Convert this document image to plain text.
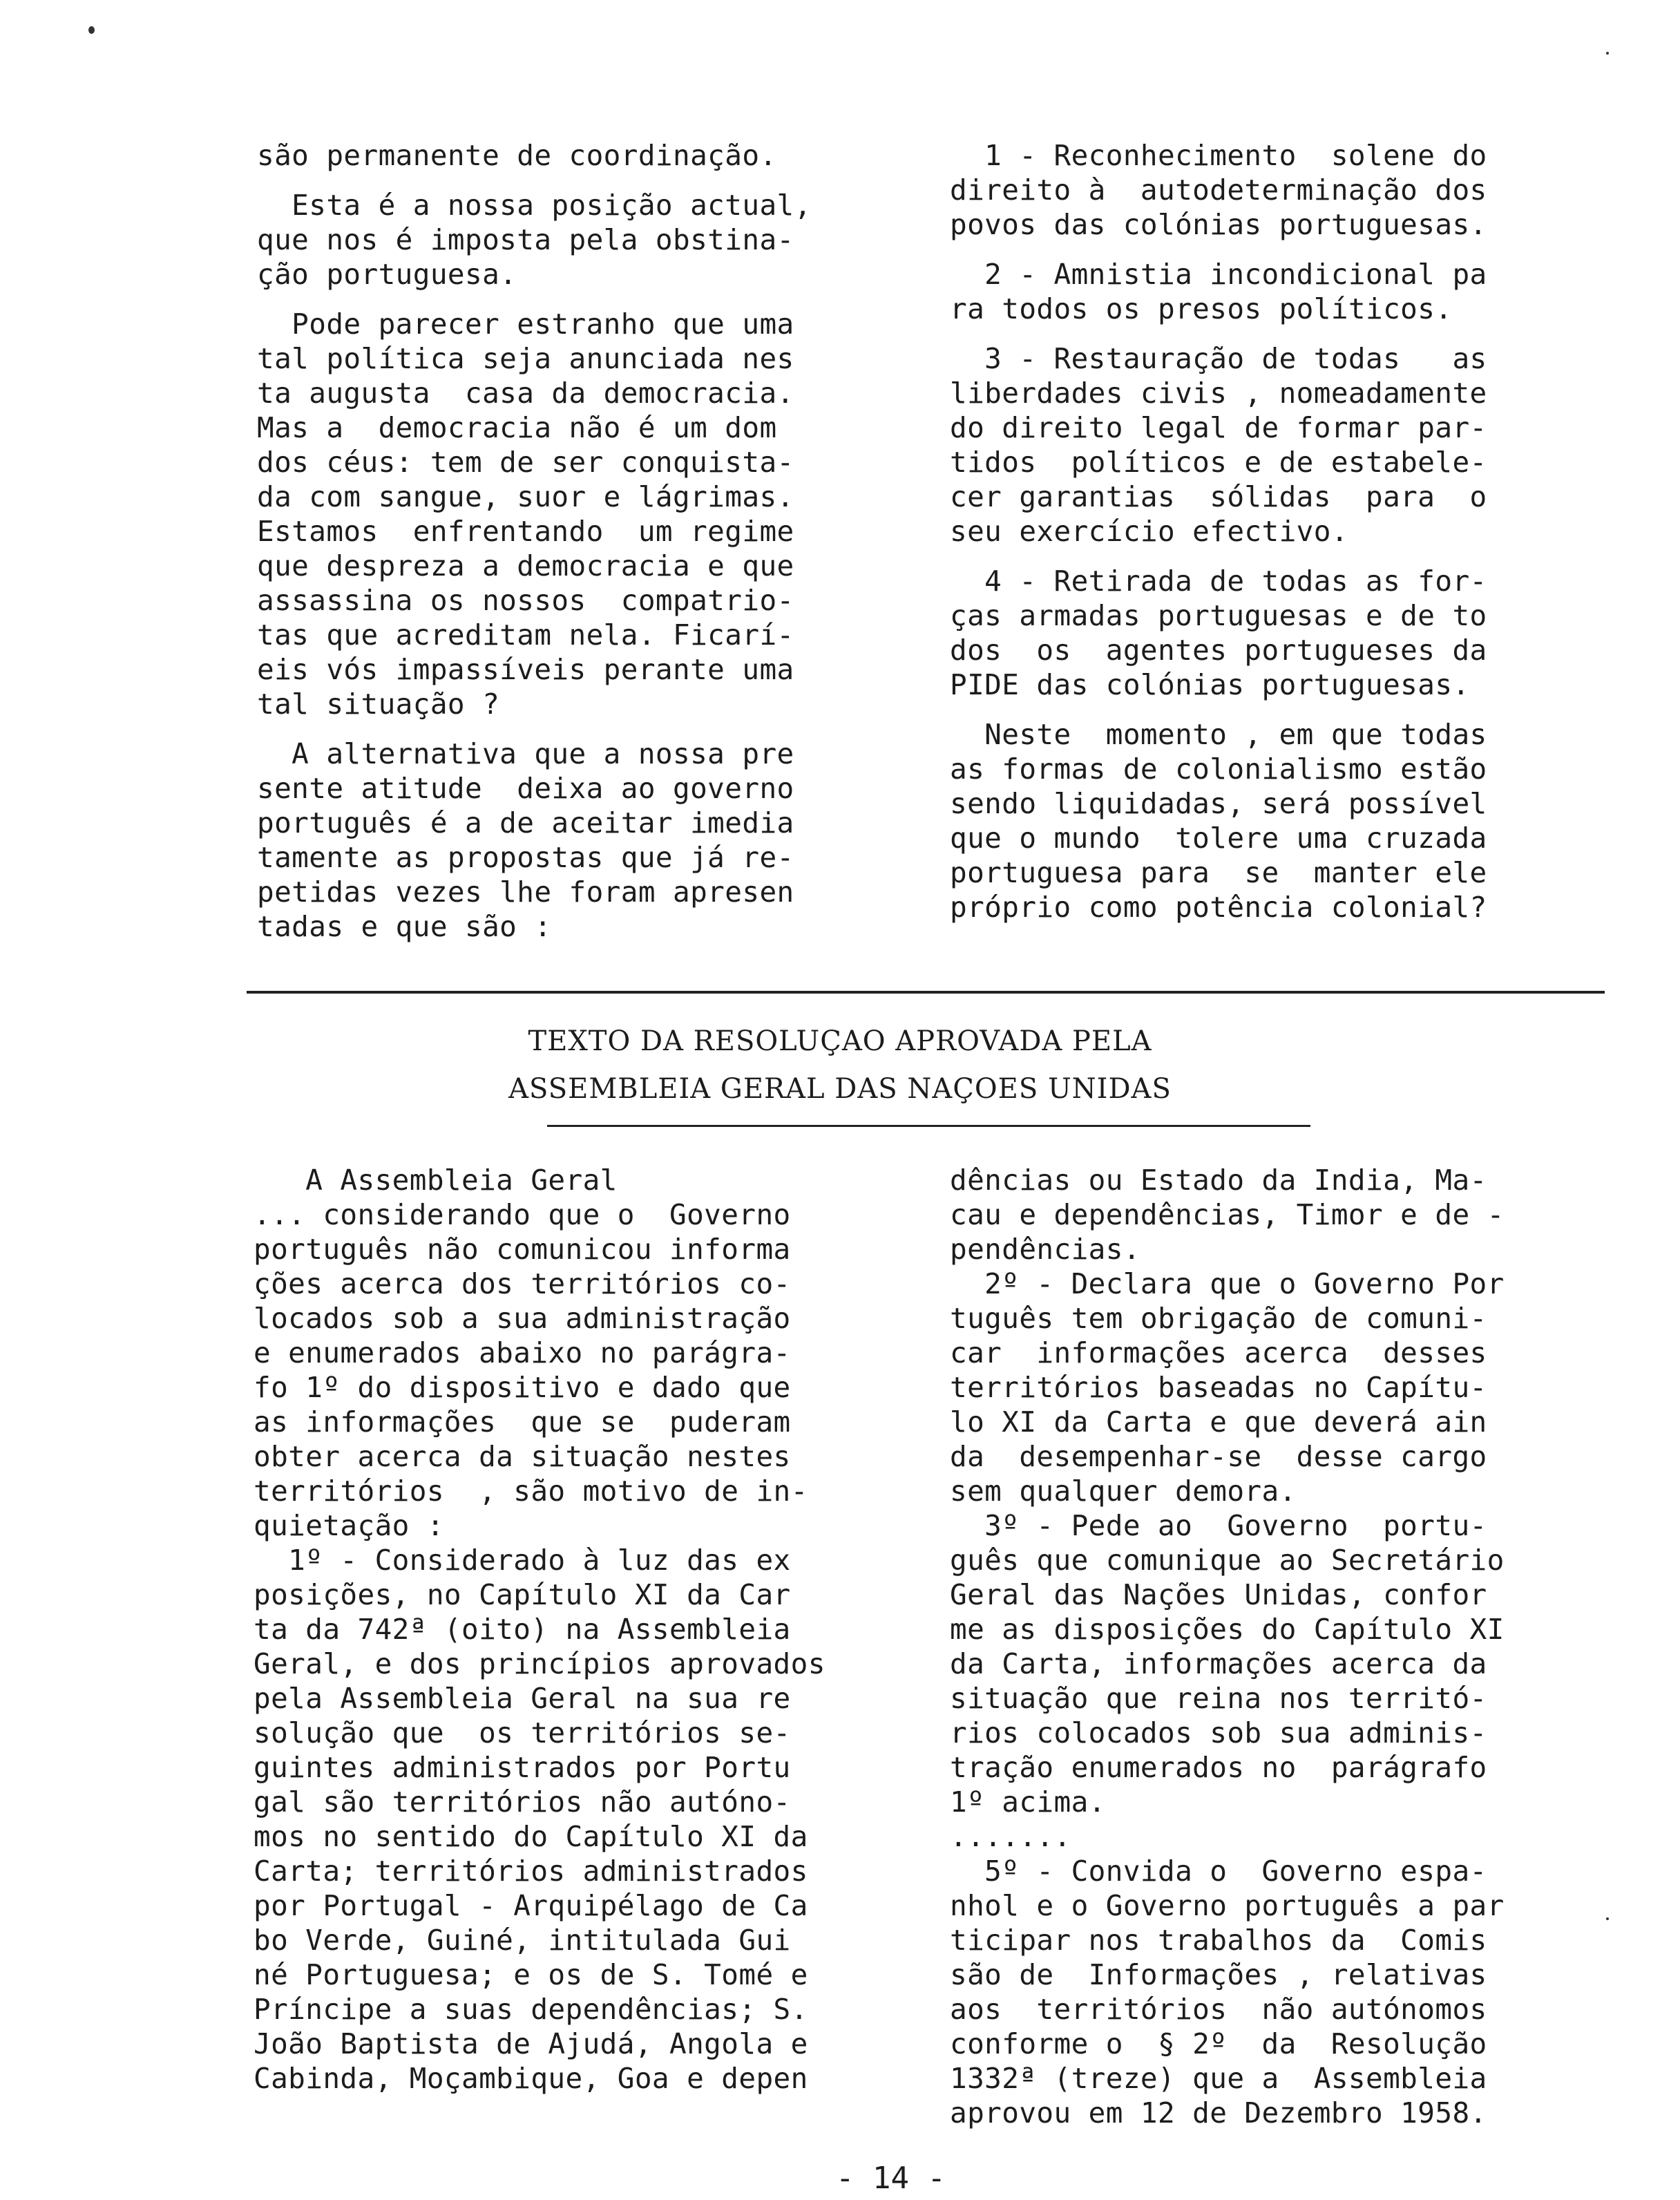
são permanente de coordinação.

Esta é a nossa posição actual,

que nos é imposta pela obstina-

ção portuguesa.

Pode parecer estranho que uma

tal política seja anunciada nes

ta augusta  casa da democracia.

Mas a  democracia não é um dom

dos céus: tem de ser conquista-

da com sangue, suor e lágrimas.

Estamos  enfrentando  um regime

que despreza a democracia e que

assassina os nossos  compatrio-

tas que acreditam nela. Ficarí-

eis vós impassíveis perante uma

tal situação ?

A alternativa que a nossa pre

sente atitude  deixa ao governo

português é a de aceitar imedia

tamente as propostas que já re-

petidas vezes lhe foram apresen

tadas e que são :

1 - Reconhecimento  solene do

direito à  autodeterminação dos

povos das colónias portuguesas.

2 - Amnistia incondicional pa

ra todos os presos políticos.

3 - Restauração de todas   as

liberdades civis , nomeadamente

do direito legal de formar par-

tidos  políticos e de estabele-

cer garantias  sólidas  para  o

seu exercício efectivo.

4 - Retirada de todas as for-

ças armadas portuguesas e de to

dos  os  agentes portugueses da

PIDE das colónias portuguesas.

Neste  momento , em que todas

as formas de colonialismo estão

sendo liquidadas, será possível

que o mundo  tolere uma cruzada

portuguesa para  se  manter ele

próprio como potência colonial?

TEXTO DA RESOLUÇAO APROVADA PELA
ASSEMBLEIA GERAL DAS NAÇOES UNIDAS

A Assembleia Geral

... considerando que o  Governo

português não comunicou informa

ções acerca dos territórios co-

locados sob a sua administração

e enumerados abaixo no parágra-

fo 1º do dispositivo e dado que

as informações  que se  puderam

obter acerca da situação nestes

territórios  , são motivo de in-

quietação :

1º - Considerado à luz das ex

posições, no Capítulo XI da Car

ta da 742ª (oito) na Assembleia

Geral, e dos princípios aprovados

pela Assembleia Geral na sua re

solução que  os territórios se-

guintes administrados por Portu

gal são territórios não autóno-

mos no sentido do Capítulo XI da

Carta; territórios administrados

por Portugal - Arquipélago de Ca

bo Verde, Guiné, intitulada Gui

né Portuguesa; e os de S. Tomé e

Príncipe a suas dependências; S.

João Baptista de Ajudá, Angola e

Cabinda, Moçambique, Goa e depen

dências ou Estado da India, Ma-

cau e dependências, Timor e de -

pendências.

2º - Declara que o Governo Por

tuguês tem obrigação de comuni-

car  informações acerca  desses

territórios baseadas no Capítu-

lo XI da Carta e que deverá ain

da  desempenhar-se  desse cargo

sem qualquer demora.

3º - Pede ao  Governo  portu-

guês que comunique ao Secretário

Geral das Nações Unidas, confor

me as disposições do Capítulo XI

da Carta, informações acerca da

situação que reina nos territó-

rios colocados sob sua adminis-

tração enumerados no  parágrafo

1º acima.

.......

5º - Convida o  Governo espa-

nhol e o Governo português a par

ticipar nos trabalhos da  Comis

são de  Informações , relativas

aos  territórios  não autónomos

conforme o  § 2º  da  Resolução

1332ª (treze) que a  Assembleia

aprovou em 12 de Dezembro 1958.

- 14 -
